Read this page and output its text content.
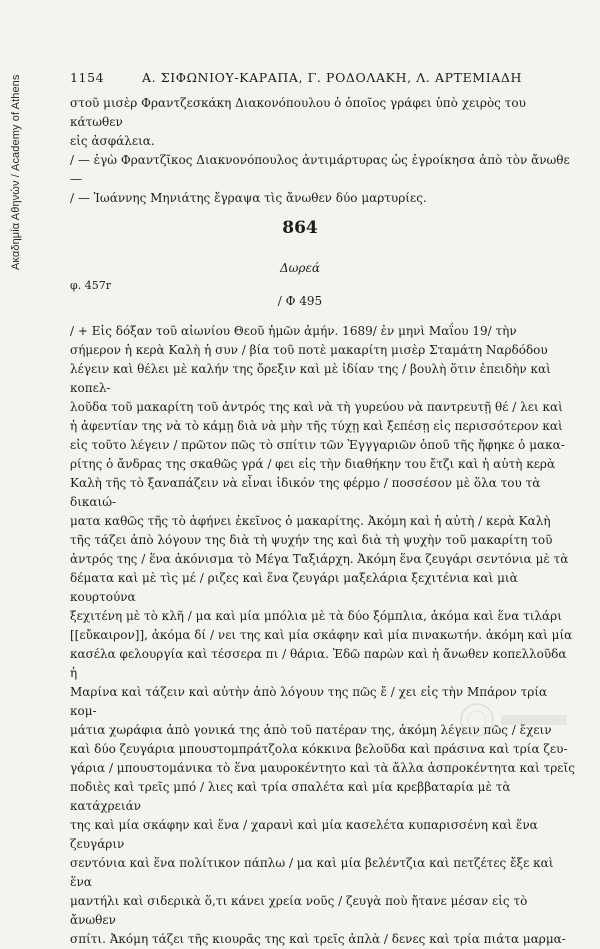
Ακαδημία Αθηνών / Academy of Athens	1154	Α. ΣΙΦΩΝΙΟΥ-ΚΑΡΑΠΑ, Γ. ΡΟΔΟΛΑΚΗ, Λ. ΑΡΤΕΜΙΑΔΗ

στοῦ μισὲρ Φραντζεσκάκη Διακονόπουλου ὁ ὁποῖος γράφει ὑπὸ χειρὸς του κάτωθεν

εἰς ἀσφάλεια.

/ — ἐγὼ Φραντζῖκος Διακνονόπουλος ἀντιμάρτυρας ὡς ἐγροίκησα ἀπὸ τὸν ἄνωθε —

/ — Ἰωάννης Μηνιάτης ἔγραψα τὶς ἄνωθεν δύο μαρτυρίες.

864
Δωρεά
φ. 457r
/ Φ 495

/ + Εἰς δόξαν τοῦ αἰωνίου Θεοῦ ἡμῶν ἀμήν. 1689/ ἐν μηνὶ Μαΐου 19/ τὴν

σήμερον ἡ κερὰ Καλὴ ἡ συν / βία τοῦ ποτὲ μακαρίτη μισὲρ Σταμάτη Ναρδόδου

λέγειν καὶ θέλει μὲ καλήν της ὄρεξιν καὶ μὲ ἰδίαν της / βουλὴ ὅτιν ἐπειδὴν καὶ κοπελ-

λοῦδα τοῦ μακαρίτη τοῦ ἀντρός της καὶ νὰ τὴ γυρεύου νὰ παντρευτῇ θέ / λει καὶ

ἡ ἀφεντίαν της νὰ τὸ κάμῃ διὰ νὰ μὴν τῆς τύχῃ καὶ ξεπέσῃ εἰς περισσότερον καὶ

εἰς τοῦτο λέγειν / πρῶτον πῶς τὸ σπίτιν τῶν Ἐγγγαριῶν ὁποῦ τῆς ἤφηκε ὁ μακα-

ρίτης ὁ ἄνδρας της σκαθῶς γρά / φει εἰς τὴν διαθήκην του ἔτζι καὶ ἡ αὐτὴ κερὰ

Καλὴ τῆς τὸ ξαναπάζειν νὰ εἶναι ἰδικόν της φέρμο / ποσσέσον μὲ ὅλα του τὰ δικαιώ-

ματα καθῶς τῆς τὸ ἀφήνει ἐκεῖνος ὁ μακαρίτης. Ἀκόμη καὶ ἡ αὐτὴ / κερὰ Καλὴ

τῆς τάζει ἀπὸ λόγουν της διὰ τὴ ψυχήν της καὶ διὰ τὴ ψυχὴν τοῦ μακαρίτη τοῦ

ἀντρός της / ἕνα ἀκόνισμα τὸ Μέγα Ταξιάρχη. Ἀκόμη ἕνα ζευγάρι σεντόνια μὲ τὰ

δέματα καὶ μὲ τὶς μέ / ριζες καὶ ἕνα ζευγάρι μαξελάρια ξεχιτένια καὶ μιὰ κουρτούνα

ξεχιτένη μὲ τὸ κλῆ / μα καὶ μία μπόλια μὲ τὰ δύο ξόμπλια, ἀκόμα καὶ ἕνα τιλάρι

[[εὔκαιρον]], ἀκόμα δί / νει της καὶ μία σκάφην καὶ μία πινακωτήν. ἀκόμη καὶ μία

κασέλα φελουργία καὶ τέσσερα πι / θάρια. Ἐδῶ παρὼν καὶ ἡ ἄνωθεν κοπελλοῦδα ἡ

Μαρίνα καὶ τάζειν καὶ αὐτὴν ἀπὸ λόγουν της πῶς ἔ / χει εἰς τὴν Μπάρον τρία κομ-

μάτια χωράφια ἀπὸ γονικά της ἀπὸ τοῦ πατέραν της, ἀκόμη λέγειν πῶς / ἔχειν

καὶ δύο ζευγάρια μπουστομπράτζολα κόκκινα βελοῦδα καὶ πράσινα καὶ τρία ζευ-

γάρια / μπουστομάνικα τὸ ἕνα μαυροκέντητο καὶ τὰ ἄλλα ἀσπροκέντητα καὶ τρεῖς

ποδιὲς καὶ τρεῖς μπό / λιες καὶ τρία σπαλέτα καὶ μία κρεββαταρία μὲ τὰ κατάχρειάν

της καὶ μία σκάφην καὶ ἕνα / χαρανὶ καὶ μία κασελέτα κυπαρισσένη καὶ ἕνα ζευγάριν

σεντόνια καὶ ἕνα πολίτικον πάπλω / μα καὶ μία βελέντζια καὶ πετζέτες ἔξε καὶ ἕνα

μαντήλι καὶ σιδερικὰ ὅ,τι κάνει χρεία νοῦς / ζευγὰ ποὺ ἤτανε μέσαν εἰς τὸ ἄνωθεν

σπίτι. Ἀκόμη τάζει τῆς κιουρᾶς της καὶ τρεῖς ἀπλὰ / δενες καὶ τρία πιάτα μαρμα-
